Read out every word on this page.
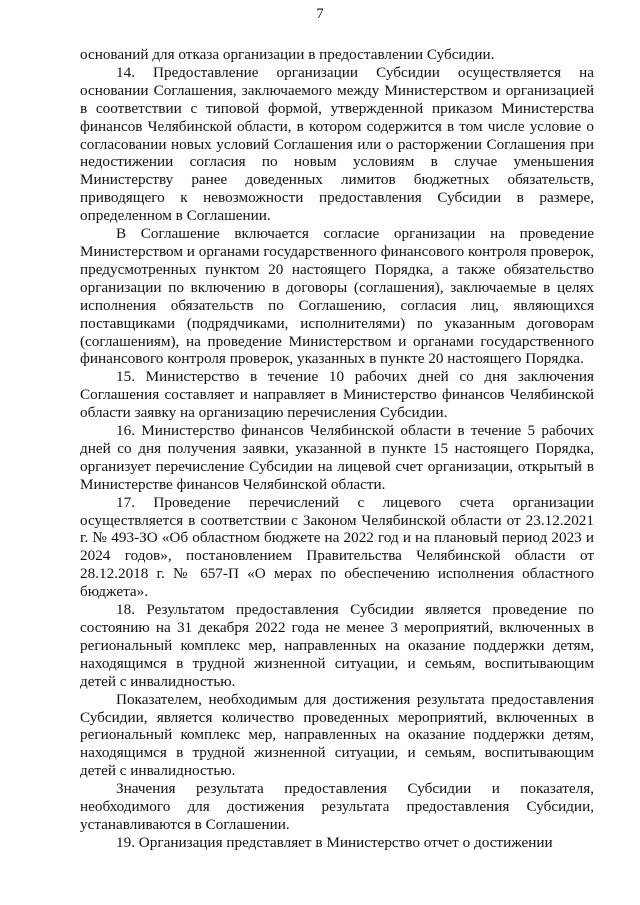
7

оснований для отказа организации в предоставлении Субсидии.

14. Предоставление организации Субсидии осуществляется на основании Соглашения, заключаемого между Министерством и организацией в соответствии с типовой формой, утвержденной приказом Министерства финансов Челябинской области, в котором содержится в том числе условие о согласовании новых условий Соглашения или о расторжении Соглашения при недостижении согласия по новым условиям в случае уменьшения Министерству ранее доведенных лимитов бюджетных обязательств, приводящего к невозможности предоставления Субсидии в размере, определенном в Соглашении.

В Соглашение включается согласие организации на проведение Министерством и органами государственного финансового контроля проверок, предусмотренных пунктом 20 настоящего Порядка, а также обязательство организации по включению в договоры (соглашения), заключаемые в целях исполнения обязательств по Соглашению, согласия лиц, являющихся поставщиками (подрядчиками, исполнителями) по указанным договорам (соглашениям), на проведение Министерством и органами государственного финансового контроля проверок, указанных в пункте 20 настоящего Порядка.

15. Министерство в течение 10 рабочих дней со дня заключения Соглашения составляет и направляет в Министерство финансов Челябинской области заявку на организацию перечисления Субсидии.

16. Министерство финансов Челябинской области в течение 5 рабочих дней со дня получения заявки, указанной в пункте 15 настоящего Порядка, организует перечисление Субсидии на лицевой счет организации, открытый в Министерстве финансов Челябинской области.

17. Проведение перечислений с лицевого счета организации осуществляется в соответствии с Законом Челябинской области от 23.12.2021 г. № 493-ЗО «Об областном бюджете на 2022 год и на плановый период 2023 и 2024 годов», постановлением Правительства Челябинской области от 28.12.2018 г. № 657-П «О мерах по обеспечению исполнения областного бюджета».

18. Результатом предоставления Субсидии является проведение по состоянию на 31 декабря 2022 года не менее 3 мероприятий, включенных в региональный комплекс мер, направленных на оказание поддержки детям, находящимся в трудной жизненной ситуации, и семьям, воспитывающим детей с инвалидностью.

Показателем, необходимым для достижения результата предоставления Субсидии, является количество проведенных мероприятий, включенных в региональный комплекс мер, направленных на оказание поддержки детям, находящимся в трудной жизненной ситуации, и семьям, воспитывающим детей с инвалидностью.

Значения результата предоставления Субсидии и показателя, необходимого для достижения результата предоставления Субсидии, устанавливаются в Соглашении.

19. Организация представляет в Министерство отчет о достижении
